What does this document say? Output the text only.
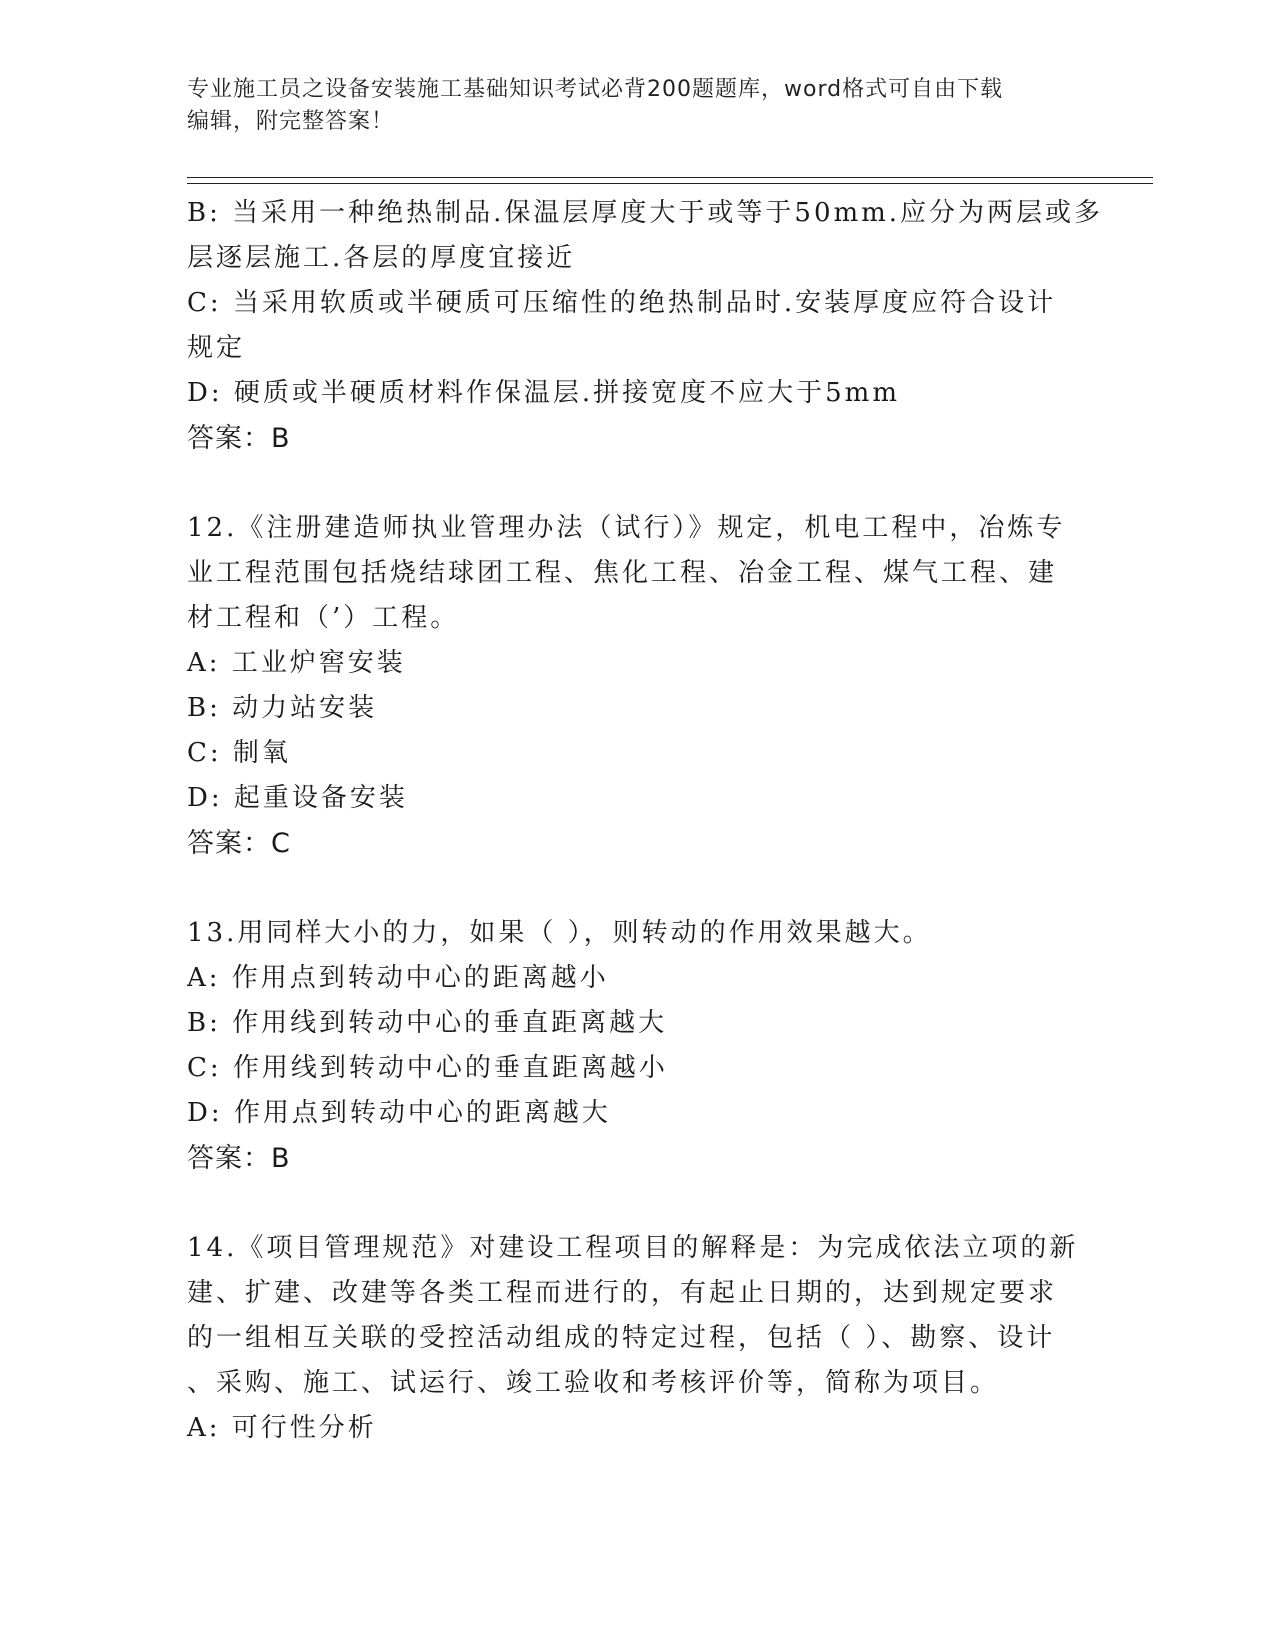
专业施工员之设备安装施工基础知识考试必背200题题库，word格式可自由下载
编辑，附完整答案！
B: 当采用一种绝热制品.保温层厚度大于或等于50mm.应分为两层或多
层逐层施工.各层的厚度宜接近
C: 当采用软质或半硬质可压缩性的绝热制品时.安装厚度应符合设计
规定
D: 硬质或半硬质材料作保温层.拼接宽度不应大于5mm
答案：B
12.《注册建造师执业管理办法（试行）》规定，机电工程中，冶炼专
业工程范围包括烧结球团工程、焦化工程、冶金工程、煤气工程、建
材工程和（’）工程。
A: 工业炉窖安装
B: 动力站安装
C: 制氧
D: 起重设备安装
答案：C
13.用同样大小的力，如果（ ），则转动的作用效果越大。
A: 作用点到转动中心的距离越小
B: 作用线到转动中心的垂直距离越大
C: 作用线到转动中心的垂直距离越小
D: 作用点到转动中心的距离越大
答案：B
14.《项目管理规范》对建设工程项目的解释是：为完成依法立项的新
建、扩建、改建等各类工程而进行的，有起止日期的，达到规定要求
的一组相互关联的受控活动组成的特定过程，包括（ ）、勘察、设计
、采购、施工、试运行、竣工验收和考核评价等，简称为项目。
A: 可行性分析
